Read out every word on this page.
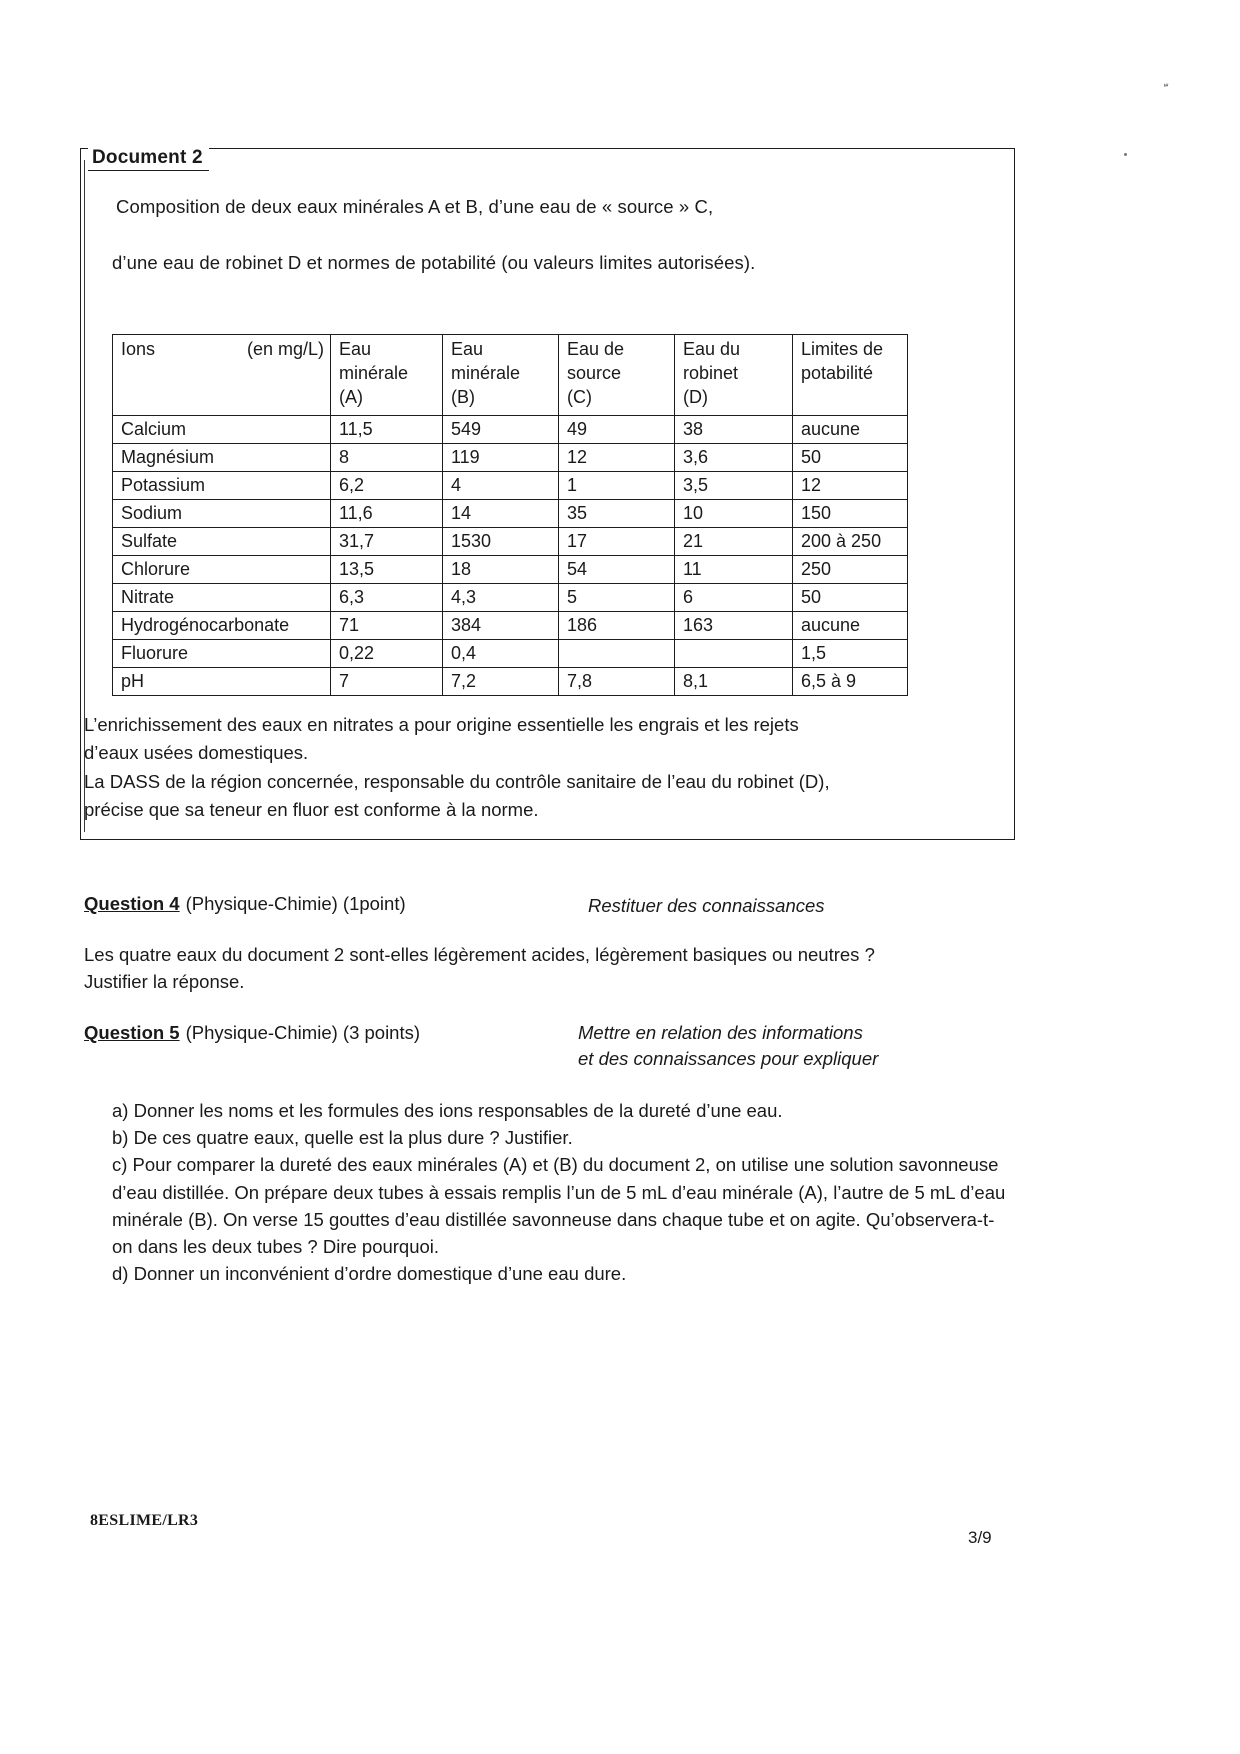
ّ
Document 2
Composition de deux eaux minérales A et B, d’une eau de « source » C,
d’une eau de robinet D et normes de potabilité (ou valeurs limites autorisées).
Ions (en mg/L)	Eau
minérale
(A)	Eau
minérale
(B)	Eau de
source
(C)	Eau du
robinet
(D)	Limites de
potabilité
Calcium	11,5	549	49	38	aucune
Magnésium	8	119	12	3,6	50
Potassium	6,2	4	1	3,5	12
Sodium	11,6	14	35	10	150
Sulfate	31,7	1530	17	21	200 à 250
Chlorure	13,5	18	54	11	250
Nitrate	6,3	4,3	5	6	50
Hydrogénocarbonate	71	384	186	163	aucune
Fluorure	0,22	0,4			1,5
pH	7	7,2	7,8	8,1	6,5 à 9

L’enrichissement des eaux en nitrates a pour origine essentielle les engrais et les rejets

d’eaux usées domestiques.

La DASS de la région concernée, responsable du contrôle sanitaire de l’eau du robinet (D),

précise que sa teneur en fluor est conforme à la norme.

Question 4 (Physique-Chimie) (1point)	Restituer des connaissances
Les quatre eaux du document 2 sont-elles légèrement acides, légèrement basiques ou neutres ?
Justifier la réponse.
Question 5 (Physique-Chimie) (3 points)	Mettre en relation des informations
et des connaissances pour expliquer

a) Donner les noms et les formules des ions responsables de la dureté d’une eau.

b) De ces quatre eaux, quelle est la plus dure ? Justifier.

c) Pour comparer la dureté des eaux minérales (A) et (B) du document 2, on utilise une solution savonneuse d’eau distillée. On prépare deux tubes à essais remplis l’un de 5 mL d’eau minérale (A), l’autre de 5 mL d’eau minérale (B). On verse 15 gouttes d’eau distillée savonneuse dans chaque tube et on agite. Qu’observera-t-on dans les deux tubes ? Dire pourquoi.

d) Donner un inconvénient d’ordre domestique d’une eau dure.

8ESLIME/LR3
3/9
